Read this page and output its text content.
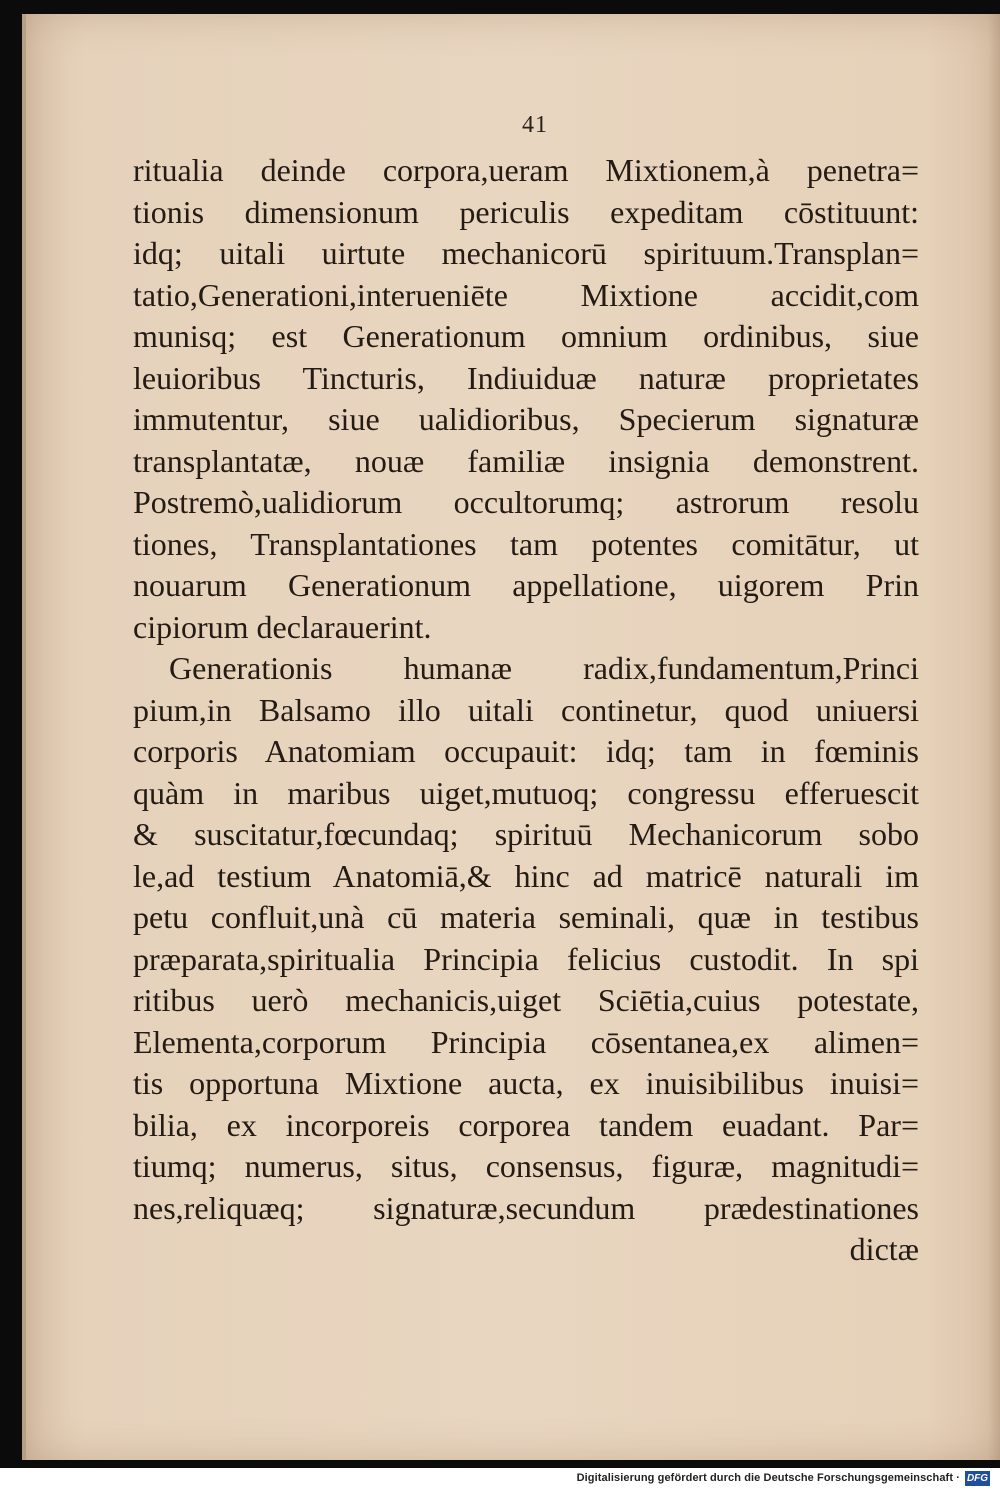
41
ritualia deinde corpora,ueram Mixtionem,à penetra=
tionis dimensionum periculis expeditam cōstituunt:
idq; uitali uirtute mechanicorū spirituum.Transplan=
tatio,Generationi,interueniēte Mixtione accidit,com
munisq; est Generationum omnium ordinibus, siue
leuioribus Tincturis, Indiuiduæ naturæ proprietates
immutentur, siue ualidioribus, Specierum signaturæ
transplantatæ, nouæ familiæ insignia demonstrent.
Postremò,ualidiorum occultorumq; astrorum resolu
tiones, Transplantationes tam potentes comitātur, ut
nouarum Generationum appellatione, uigorem Prin
cipiorum declarauerint.
Generationis humanæ radix,fundamentum,Princi
pium,in Balsamo illo uitali continetur, quod uniuersi
corporis Anatomiam occupauit: idq; tam in fœminis
quàm in maribus uiget,mutuoq; congressu efferuescit
& suscitatur,fœcundaq; spirituū Mechanicorum sobo
le,ad testium Anatomiā,& hinc ad matricē naturali im
petu confluit,unà cū materia seminali, quæ in testibus
præparata,spiritualia Principia felicius custodit. In spi
ritibus uerò mechanicis,uiget Sciētia,cuius potestate,
Elementa,corporum Principia cōsentanea,ex alimen=
tis opportuna Mixtione aucta, ex inuisibilibus inuisi=
bilia, ex incorporeis corporea tandem euadant. Par=
tiumq; numerus, situs, consensus, figuræ, magnitudi=
nes,reliquæq; signaturæ,secundum prædestinationes
dictæ
Digitalisierung gefördert durch die Deutsche Forschungsgemeinschaft · DFG
